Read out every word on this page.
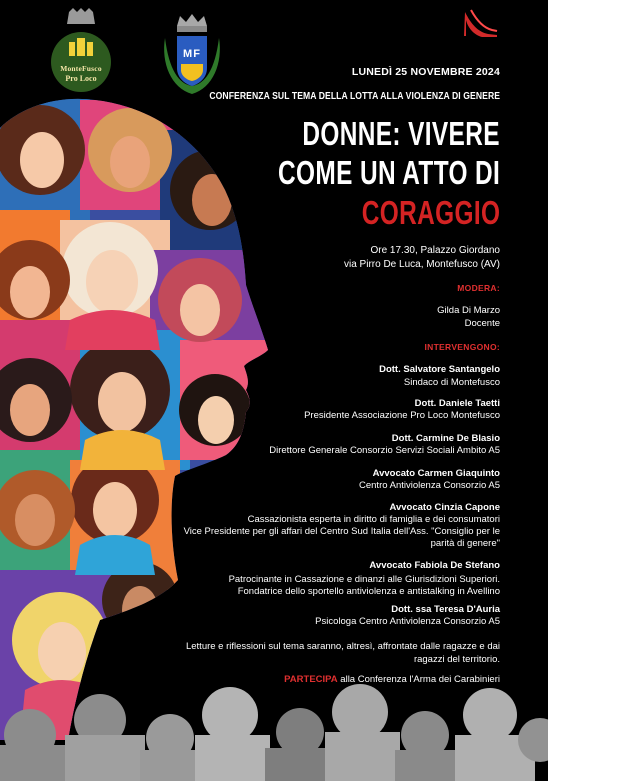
MonteFusco
Pro Loco
MF
LUNEDÌ 25 NOVEMBRE 2024
CONFERENZA SUL TEMA DELLA LOTTA ALLA VIOLENZA DI GENERE
DONNE: VIVERE
COME UN ATTO DI
CORAGGIO
Ore 17.30, Palazzo Giordano
via Pirro De Luca, Montefusco (AV)
MODERA:
Gilda Di Marzo
Docente
INTERVENGONO:
Dott. Salvatore Santangelo
Sindaco di Montefusco
Dott. Daniele Taetti
Presidente Associazione Pro Loco Montefusco
Dott. Carmine De Blasio
Direttore Generale Consorzio Servizi Sociali Ambito A5
Avvocato Carmen Giaquinto
Centro Antiviolenza Consorzio A5
Avvocato Cinzia Capone
Cassazionista esperta in diritto di famiglia e dei consumatori
Vice Presidente per gli affari del Centro Sud Italia dell'Ass. "Consiglio per le
parità di genere"
Avvocato Fabiola De Stefano
Patrocinante in Cassazione e dinanzi alle Giurisdizioni Superiori.
Fondatrice dello sportello antiviolenza e antistalking in Avellino
Dott. ssa Teresa D'Auria
Psicologa Centro Antiviolenza Consorzio A5
Letture e riflessioni sul tema saranno, altresì, affrontate dalle ragazze e dai
ragazzi del territorio.
PARTECIPA alla Conferenza l'Arma dei Carabinieri
